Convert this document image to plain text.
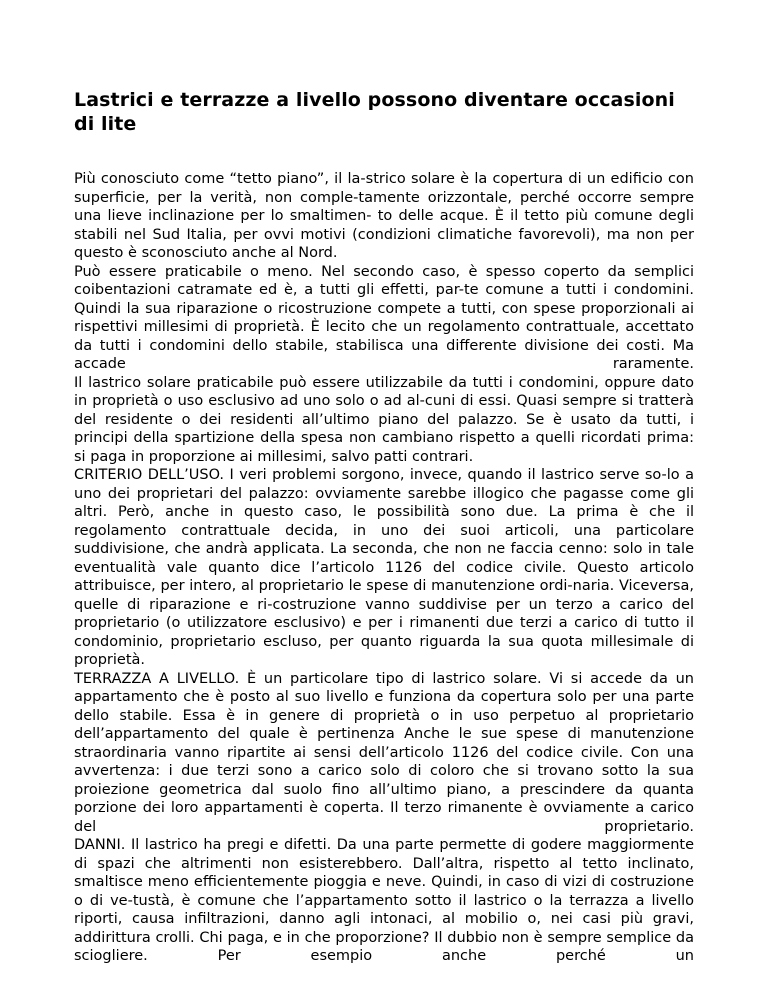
Lastrici e terrazze a livello possono diventare occasioni di lite

Più conosciuto come “tetto piano”, il la-strico solare è la copertura di un edificio con superficie, per la verità, non comple-tamente orizzontale, perché occorre sempre una lieve inclinazione per lo smaltimen- to delle acque. È il tetto più comune degli stabili nel Sud Italia, per ovvi motivi (condizioni climatiche favorevoli), ma non per questo è sconosciuto anche al Nord.

Può essere praticabile o meno. Nel secondo caso, è spesso coperto da semplici coibentazioni catramate ed è, a tutti gli effetti, par-te comune a tutti i condomini. Quindi la sua riparazione o ricostruzione compete a tutti, con spese proporzionali ai rispettivi millesimi di proprietà. È lecito che un regolamento contrattuale, accettato da tutti i condomini dello stabile, stabilisca una differente divisione dei costi. Ma accade raramente.

Il lastrico solare praticabile può essere utilizzabile da tutti i condomini, oppure dato in proprietà o uso esclusivo ad uno solo o ad al-cuni di essi. Quasi sempre si tratterà del residente o dei residenti all’ultimo piano del palazzo. Se è usato da tutti, i principi della spartizione della spesa non cambiano rispetto a quelli ricordati prima: si paga in proporzione ai millesimi, salvo patti contrari.

CRITERIO DELL’USO. I veri problemi sorgono, invece, quando il lastrico serve so-lo a uno dei proprietari del palazzo: ovviamente sarebbe illogico che pagasse come gli altri. Però, anche in questo caso, le possibilità sono due. La prima è che il regolamento contrattuale decida, in uno dei suoi articoli, una particolare suddivisione, che andrà applicata. La seconda, che non ne faccia cenno: solo in tale eventualità vale quanto dice l’articolo 1126 del codice civile. Questo articolo attribuisce, per intero, al proprietario le spese di manutenzione ordi-naria. Viceversa, quelle di riparazione e ri-costruzione vanno suddivise per un terzo a carico del proprietario (o utilizzatore esclusivo) e per i rimanenti due terzi a carico di tutto il condominio, proprietario escluso, per quanto riguarda la sua quota millesimale di proprietà.

TERRAZZA A LIVELLO. È un particolare tipo di lastrico solare. Vi si accede da un appartamento che è posto al suo livello e funziona da copertura solo per una parte dello stabile. Essa è in genere di proprietà o in uso perpetuo al proprietario dell’appartamento del quale è pertinenza Anche le sue spese di manutenzione straordinaria vanno ripartite ai sensi dell’articolo 1126 del codice civile. Con una avvertenza: i due terzi sono a carico solo di coloro che si trovano sotto la sua proiezione geometrica dal suolo fino all’ultimo piano, a prescindere da quanta porzione dei loro appartamenti è coperta. Il terzo rimanente è ovviamente a carico del proprietario.

DANNI. Il lastrico ha pregi e difetti. Da una parte permette di godere maggiormente di spazi che altrimenti non esisterebbero. Dall’altra, rispetto al tetto inclinato, smaltisce meno efficientemente pioggia e neve. Quindi, in caso di vizi di costruzione o di ve-tustà, è comune che l’appartamento sotto il lastrico o la terrazza a livello riporti, causa infiltrazioni, danno agli intonaci, al mobilio o, nei casi più gravi, addirittura crolli. Chi paga, e in che proporzione? Il dubbio non è sempre semplice da sciogliere. Per esempio anche perché un
